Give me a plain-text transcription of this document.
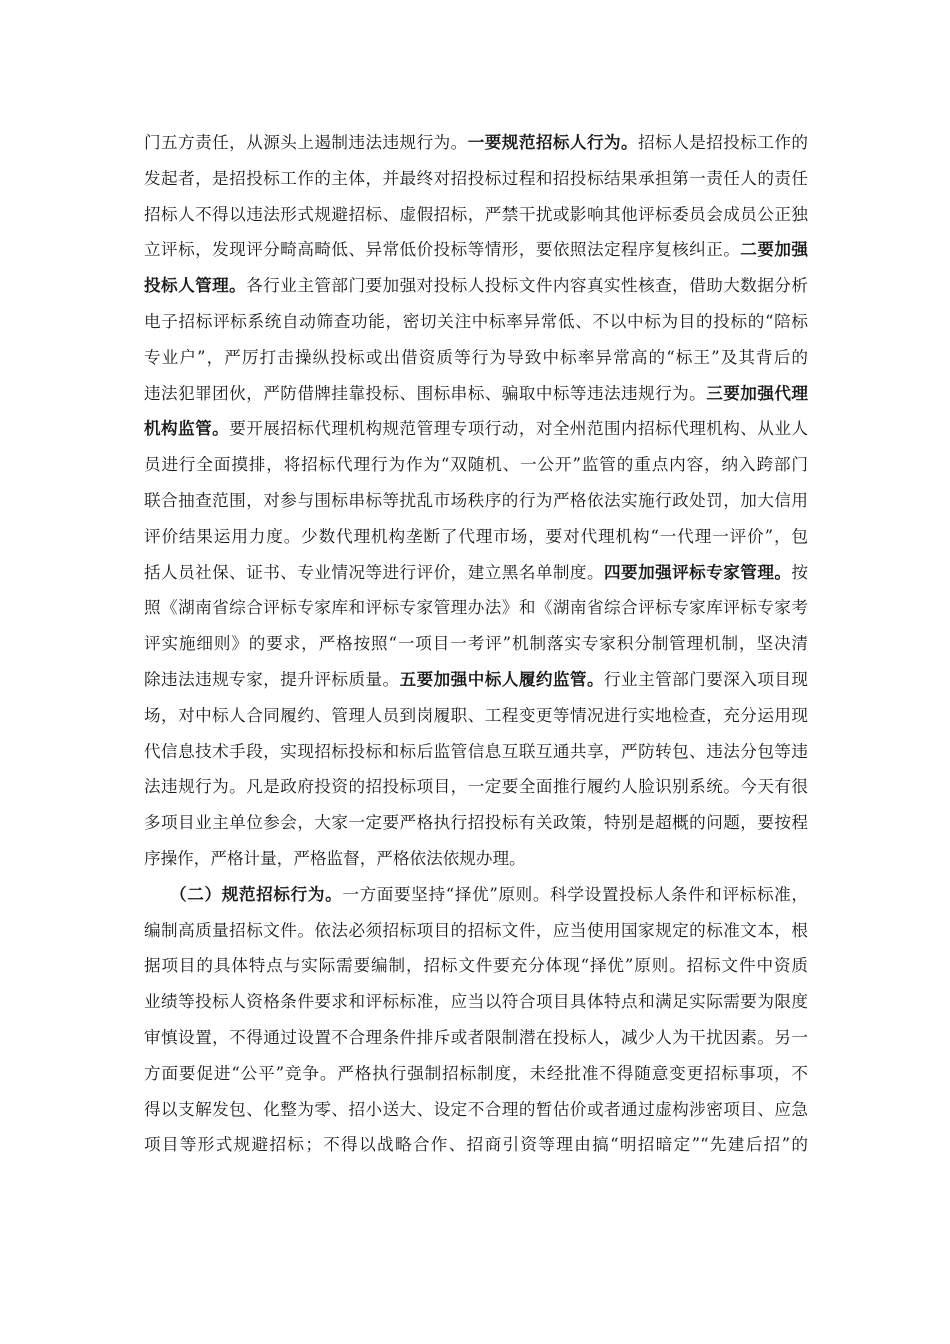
门五方责任，从源头上遏制违法违规行为。一要规范招标人行为。招标人是招投标工作的
发起者，是招投标工作的主体，并最终对招投标过程和招投标结果承担第一责任人的责任
招标人不得以违法形式规避招标、虚假招标，严禁干扰或影响其他评标委员会成员公正独
立评标，发现评分畸高畸低、异常低价投标等情形，要依照法定程序复核纠正。二要加强
投标人管理。各行业主管部门要加强对投标人投标文件内容真实性核查，借助大数据分析
电子招标评标系统自动筛查功能，密切关注中标率异常低、不以中标为目的投标的“陪标
专业户”，严厉打击操纵投标或出借资质等行为导致中标率异常高的“标王”及其背后的
违法犯罪团伙，严防借牌挂靠投标、围标串标、骗取中标等违法违规行为。三要加强代理
机构监管。要开展招标代理机构规范管理专项行动，对全州范围内招标代理机构、从业人
员进行全面摸排，将招标代理行为作为“双随机、一公开”监管的重点内容，纳入跨部门
联合抽查范围，对参与围标串标等扰乱市场秩序的行为严格依法实施行政处罚，加大信用
评价结果运用力度。少数代理机构垄断了代理市场，要对代理机构“一代理一评价”，包
括人员社保、证书、专业情况等进行评价，建立黑名单制度。四要加强评标专家管理。按
照《湖南省综合评标专家库和评标专家管理办法》和《湖南省综合评标专家库评标专家考
评实施细则》的要求，严格按照“一项目一考评”机制落实专家积分制管理机制，坚决清
除违法违规专家，提升评标质量。五要加强中标人履约监管。行业主管部门要深入项目现
场，对中标人合同履约、管理人员到岗履职、工程变更等情况进行实地检查，充分运用现
代信息技术手段，实现招标投标和标后监管信息互联互通共享，严防转包、违法分包等违
法违规行为。凡是政府投资的招投标项目，一定要全面推行履约人脸识别系统。今天有很
多项目业主单位参会，大家一定要严格执行招投标有关政策，特别是超概的问题，要按程
序操作，严格计量，严格监督，严格依法依规办理。
（二）规范招标行为。一方面要坚持“择优”原则。科学设置投标人条件和评标标准，
编制高质量招标文件。依法必须招标项目的招标文件，应当使用国家规定的标准文本，根
据项目的具体特点与实际需要编制，招标文件要充分体现“择优”原则。招标文件中资质
业绩等投标人资格条件要求和评标标准，应当以符合项目具体特点和满足实际需要为限度
审慎设置，不得通过设置不合理条件排斥或者限制潜在投标人，减少人为干扰因素。另一
方面要促进“公平”竞争。严格执行强制招标制度，未经批准不得随意变更招标事项，不
得以支解发包、化整为零、招小送大、设定不合理的暂估价或者通过虚构涉密项目、应急
项目等形式规避招标；不得以战略合作、招商引资等理由搞“明招暗定”“先建后招”的
